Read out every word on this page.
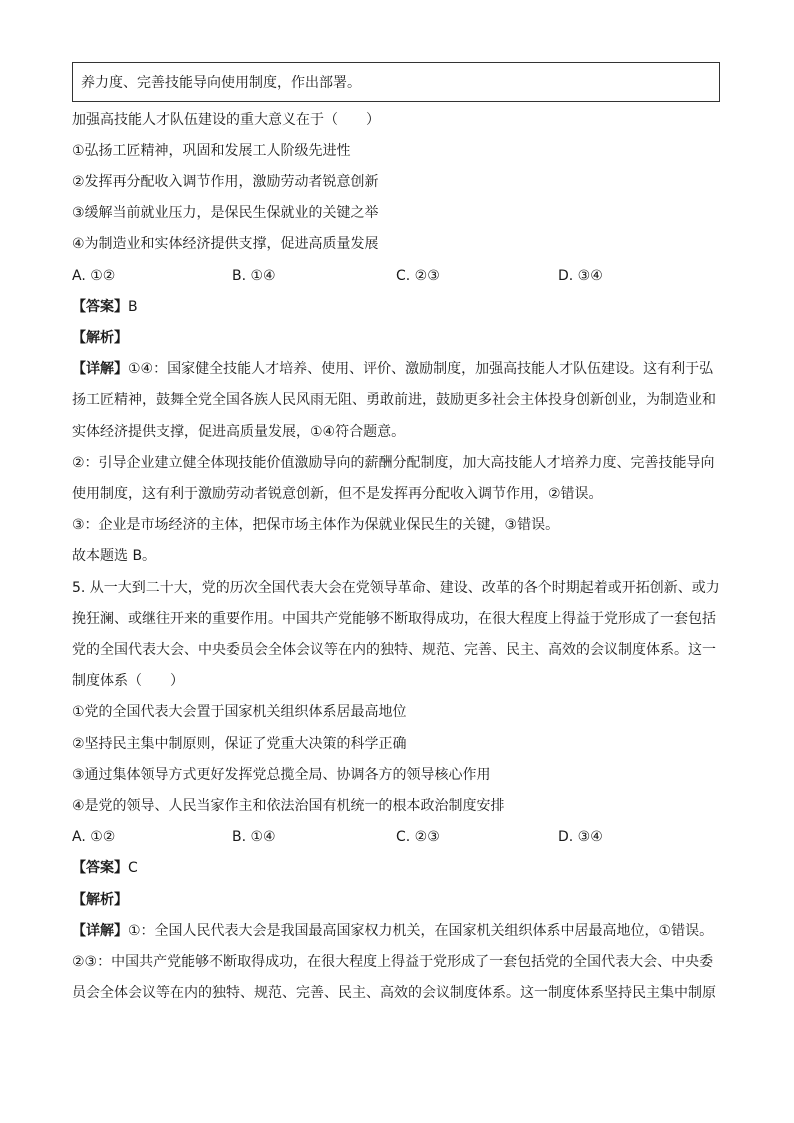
养力度、完善技能导向使用制度，作出部署。
加强高技能人才队伍建设的重大意义在于（　　）
①弘扬工匠精神，巩固和发展工人阶级先进性
②发挥再分配收入调节作用，激励劳动者锐意创新
③缓解当前就业压力，是保民生保就业的关键之举
④为制造业和实体经济提供支撑，促进高质量发展
A. ①②	B. ①④	C. ②③	D. ③④
【答案】B
【解析】
【详解】①④：国家健全技能人才培养、使用、评价、激励制度，加强高技能人才队伍建设。这有利于弘
扬工匠精神，鼓舞全党全国各族人民风雨无阻、勇敢前进，鼓励更多社会主体投身创新创业，为制造业和
实体经济提供支撑，促进高质量发展，①④符合题意。
②：引导企业建立健全体现技能价值激励导向的薪酬分配制度，加大高技能人才培养力度、完善技能导向
使用制度，这有利于激励劳动者锐意创新，但不是发挥再分配收入调节作用，②错误。
③：企业是市场经济的主体，把保市场主体作为保就业保民生的关键，③错误。
故本题选 B。
5. 从一大到二十大，党的历次全国代表大会在党领导革命、建设、改革的各个时期起着或开拓创新、或力
挽狂澜、或继往开来的重要作用。中国共产党能够不断取得成功，在很大程度上得益于党形成了一套包括
党的全国代表大会、中央委员会全体会议等在内的独特、规范、完善、民主、高效的会议制度体系。这一
制度体系（　　）
①党的全国代表大会置于国家机关组织体系居最高地位
②坚持民主集中制原则，保证了党重大决策的科学正确
③通过集体领导方式更好发挥党总揽全局、协调各方的领导核心作用
④是党的领导、人民当家作主和依法治国有机统一的根本政治制度安排
A. ①②	B. ①④	C. ②③	D. ③④
【答案】C
【解析】
【详解】①：全国人民代表大会是我国最高国家权力机关，在国家机关组织体系中居最高地位，①错误。
②③：中国共产党能够不断取得成功，在很大程度上得益于党形成了一套包括党的全国代表大会、中央委
员会全体会议等在内的独特、规范、完善、民主、高效的会议制度体系。这一制度体系坚持民主集中制原
